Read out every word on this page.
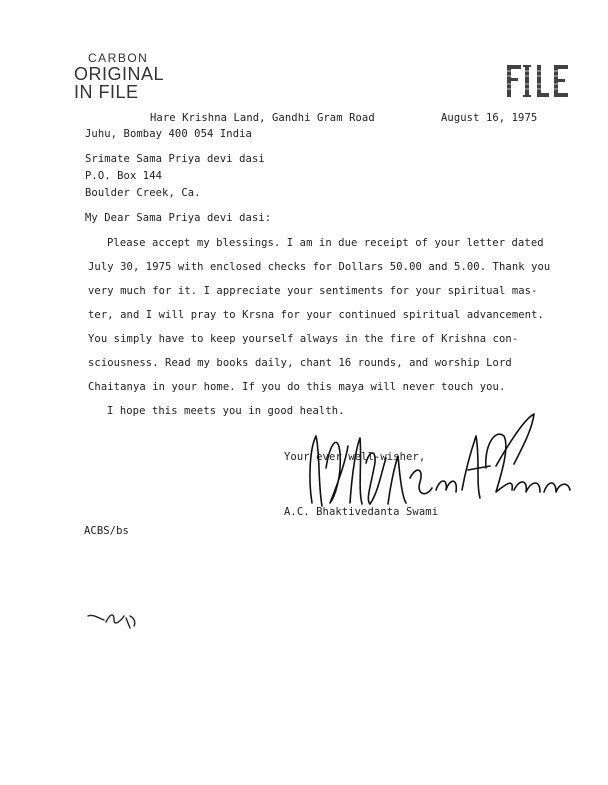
CARBON
ORIGINAL
IN FILE
Hare Krishna Land, Gandhi Gram Road	August 16, 1975
Juhu, Bombay 400 054 India
Srimate Sama Priya devi dasi
P.O. Box 144
Boulder Creek, Ca.
My Dear Sama Priya devi dasi:
Please accept my blessings. I am in due receipt of your letter dated
July 30, 1975 with enclosed checks for Dollars 50.00 and 5.00. Thank you
very much for it. I appreciate your sentiments for your spiritual mas-
ter, and I will pray to Krsna for your continued spiritual advancement.
You simply have to keep yourself always in the fire of Krishna con-
sciousness. Read my books daily, chant 16 rounds, and worship Lord
Chaitanya in your home. If you do this maya will never touch you.
I hope this meets you in good health.
Your ever well-wisher,
A.C. Bhaktivedanta Swami
ACBS/bs
